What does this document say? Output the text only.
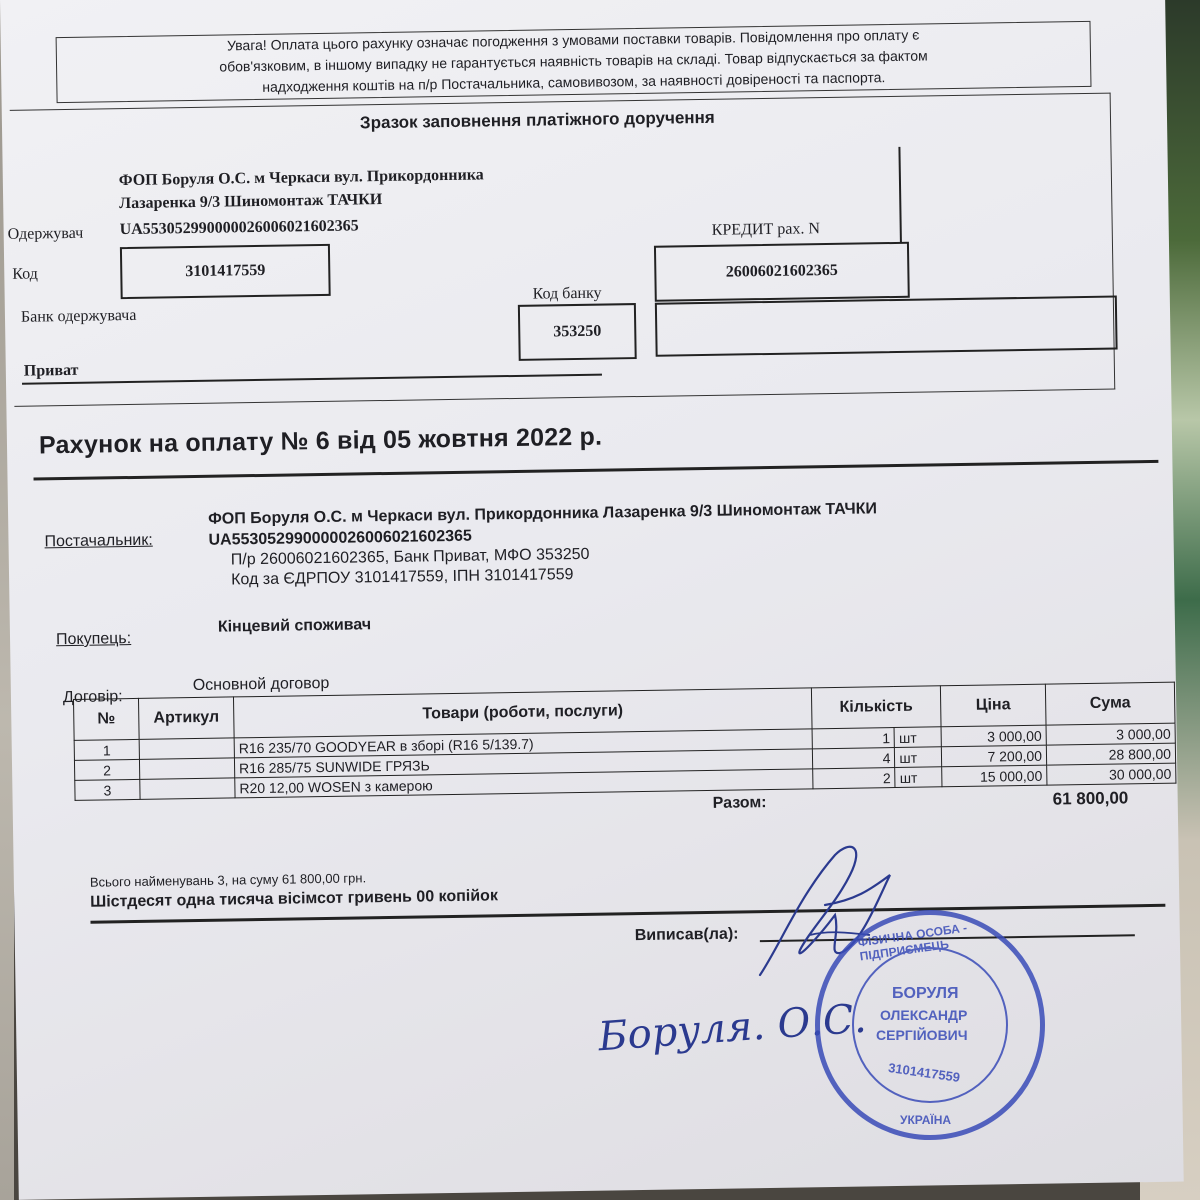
Увага! Оплата цього рахунку означає погодження з умовами поставки товарів. Повідомлення про оплату є
обов'язковим, в іншому випадку не гарантується наявність товарів на складі. Товар відпускається за фактом
надходження коштів на п/р Постачальника, самовивозом, за наявності довіреності та паспорта.
Зразок заповнення платіжного доручення
ФОП Боруля О.С. м Черкаси вул. Прикордонника
Лазаренка 9/3 Шиномонтаж ТАЧКИ
Одержувач UA553052990000026006021602365
Код	3101417559
Банк одержувача
Код банку
353250
Приват
КРЕДИТ рах. N
26006021602365
Рахунок на оплату № 6 від 05 жовтня 2022 р.
Постачальник:
ФОП Боруля О.С. м Черкаси вул. Прикордонника Лазаренка 9/3 Шиномонтаж ТАЧКИ
UA553052990000026006021602365
П/р 26006021602365, Банк Приват, МФО 353250
Код за ЄДРПОУ 3101417559, ІПН 3101417559
Покупець:
Кінцевий споживач
Договір:
Основной договор
№	Артикул	Товари (роботи, послуги)	Кількість		Ціна	Сума
1		R16 235/70 GOODYEAR в зборі (R16 5/139.7)	1	шт	3 000,00	3 000,00
2		R16 285/75 SUNWIDE ГРЯЗЬ	4	шт	7 200,00	28 800,00
3		R20 12,00 WOSEN з камерою	2	шт	15 000,00	30 000,00
Разом:	61 800,00
Всього найменувань 3, на суму 61 800,00 грн.
Шістдесят одна тисяча вісімсот гривень 00 копійок
Виписав(ла):
Боруля. О.С.
ФІЗИЧНА ОСОБА - ПІДПРИЄМЕЦЬ
БОРУЛЯ
ОЛЕКСАНДР
СЕРГІЙОВИЧ
3101417559
УКРАЇНА
